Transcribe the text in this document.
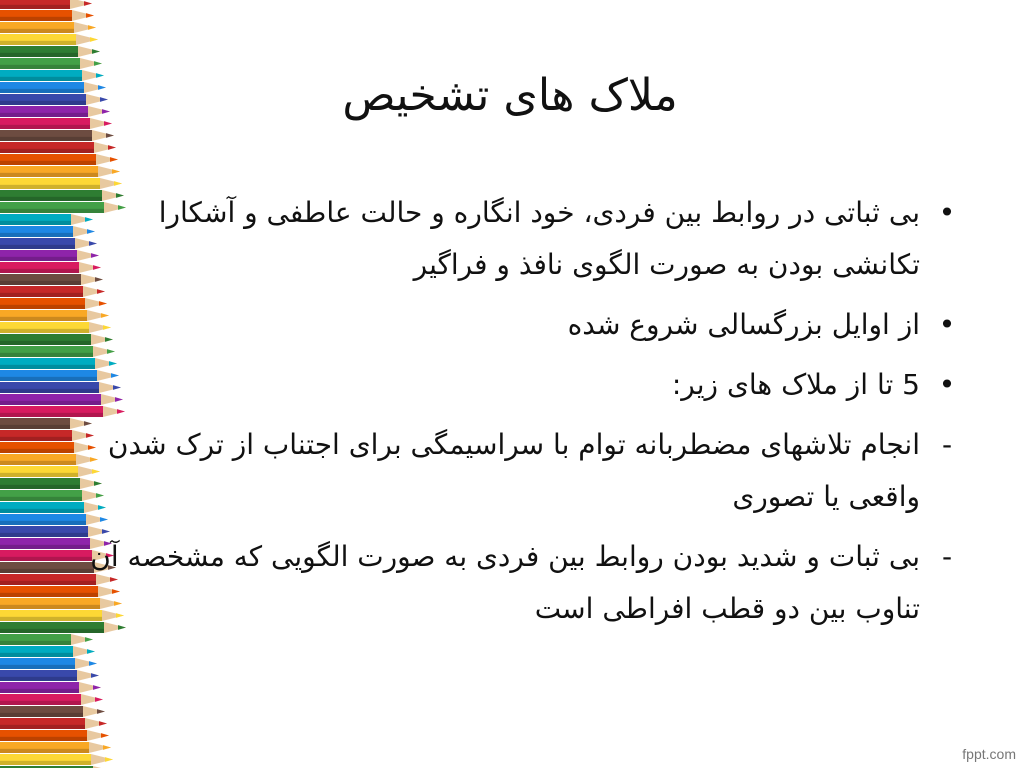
ملاک های تشخیص
•
بی ثباتی در روابط بین فردی، خود انگاره و حالت عاطفی و آشکارا تکانشی بودن به صورت الگوی نافذ و فراگیر
•
از اوایل بزرگسالی شروع شده
•
5 تا از ملاک های زیر:
-
انجام تلاشهای مضطربانه توام با سراسیمگی برای اجتناب از ترک شدن واقعی یا تصوری
-
بی ثبات و شدید بودن روابط بین فردی به صورت الگویی که مشخصه آن تناوب بین دو قطب افراطی است
fppt.com
